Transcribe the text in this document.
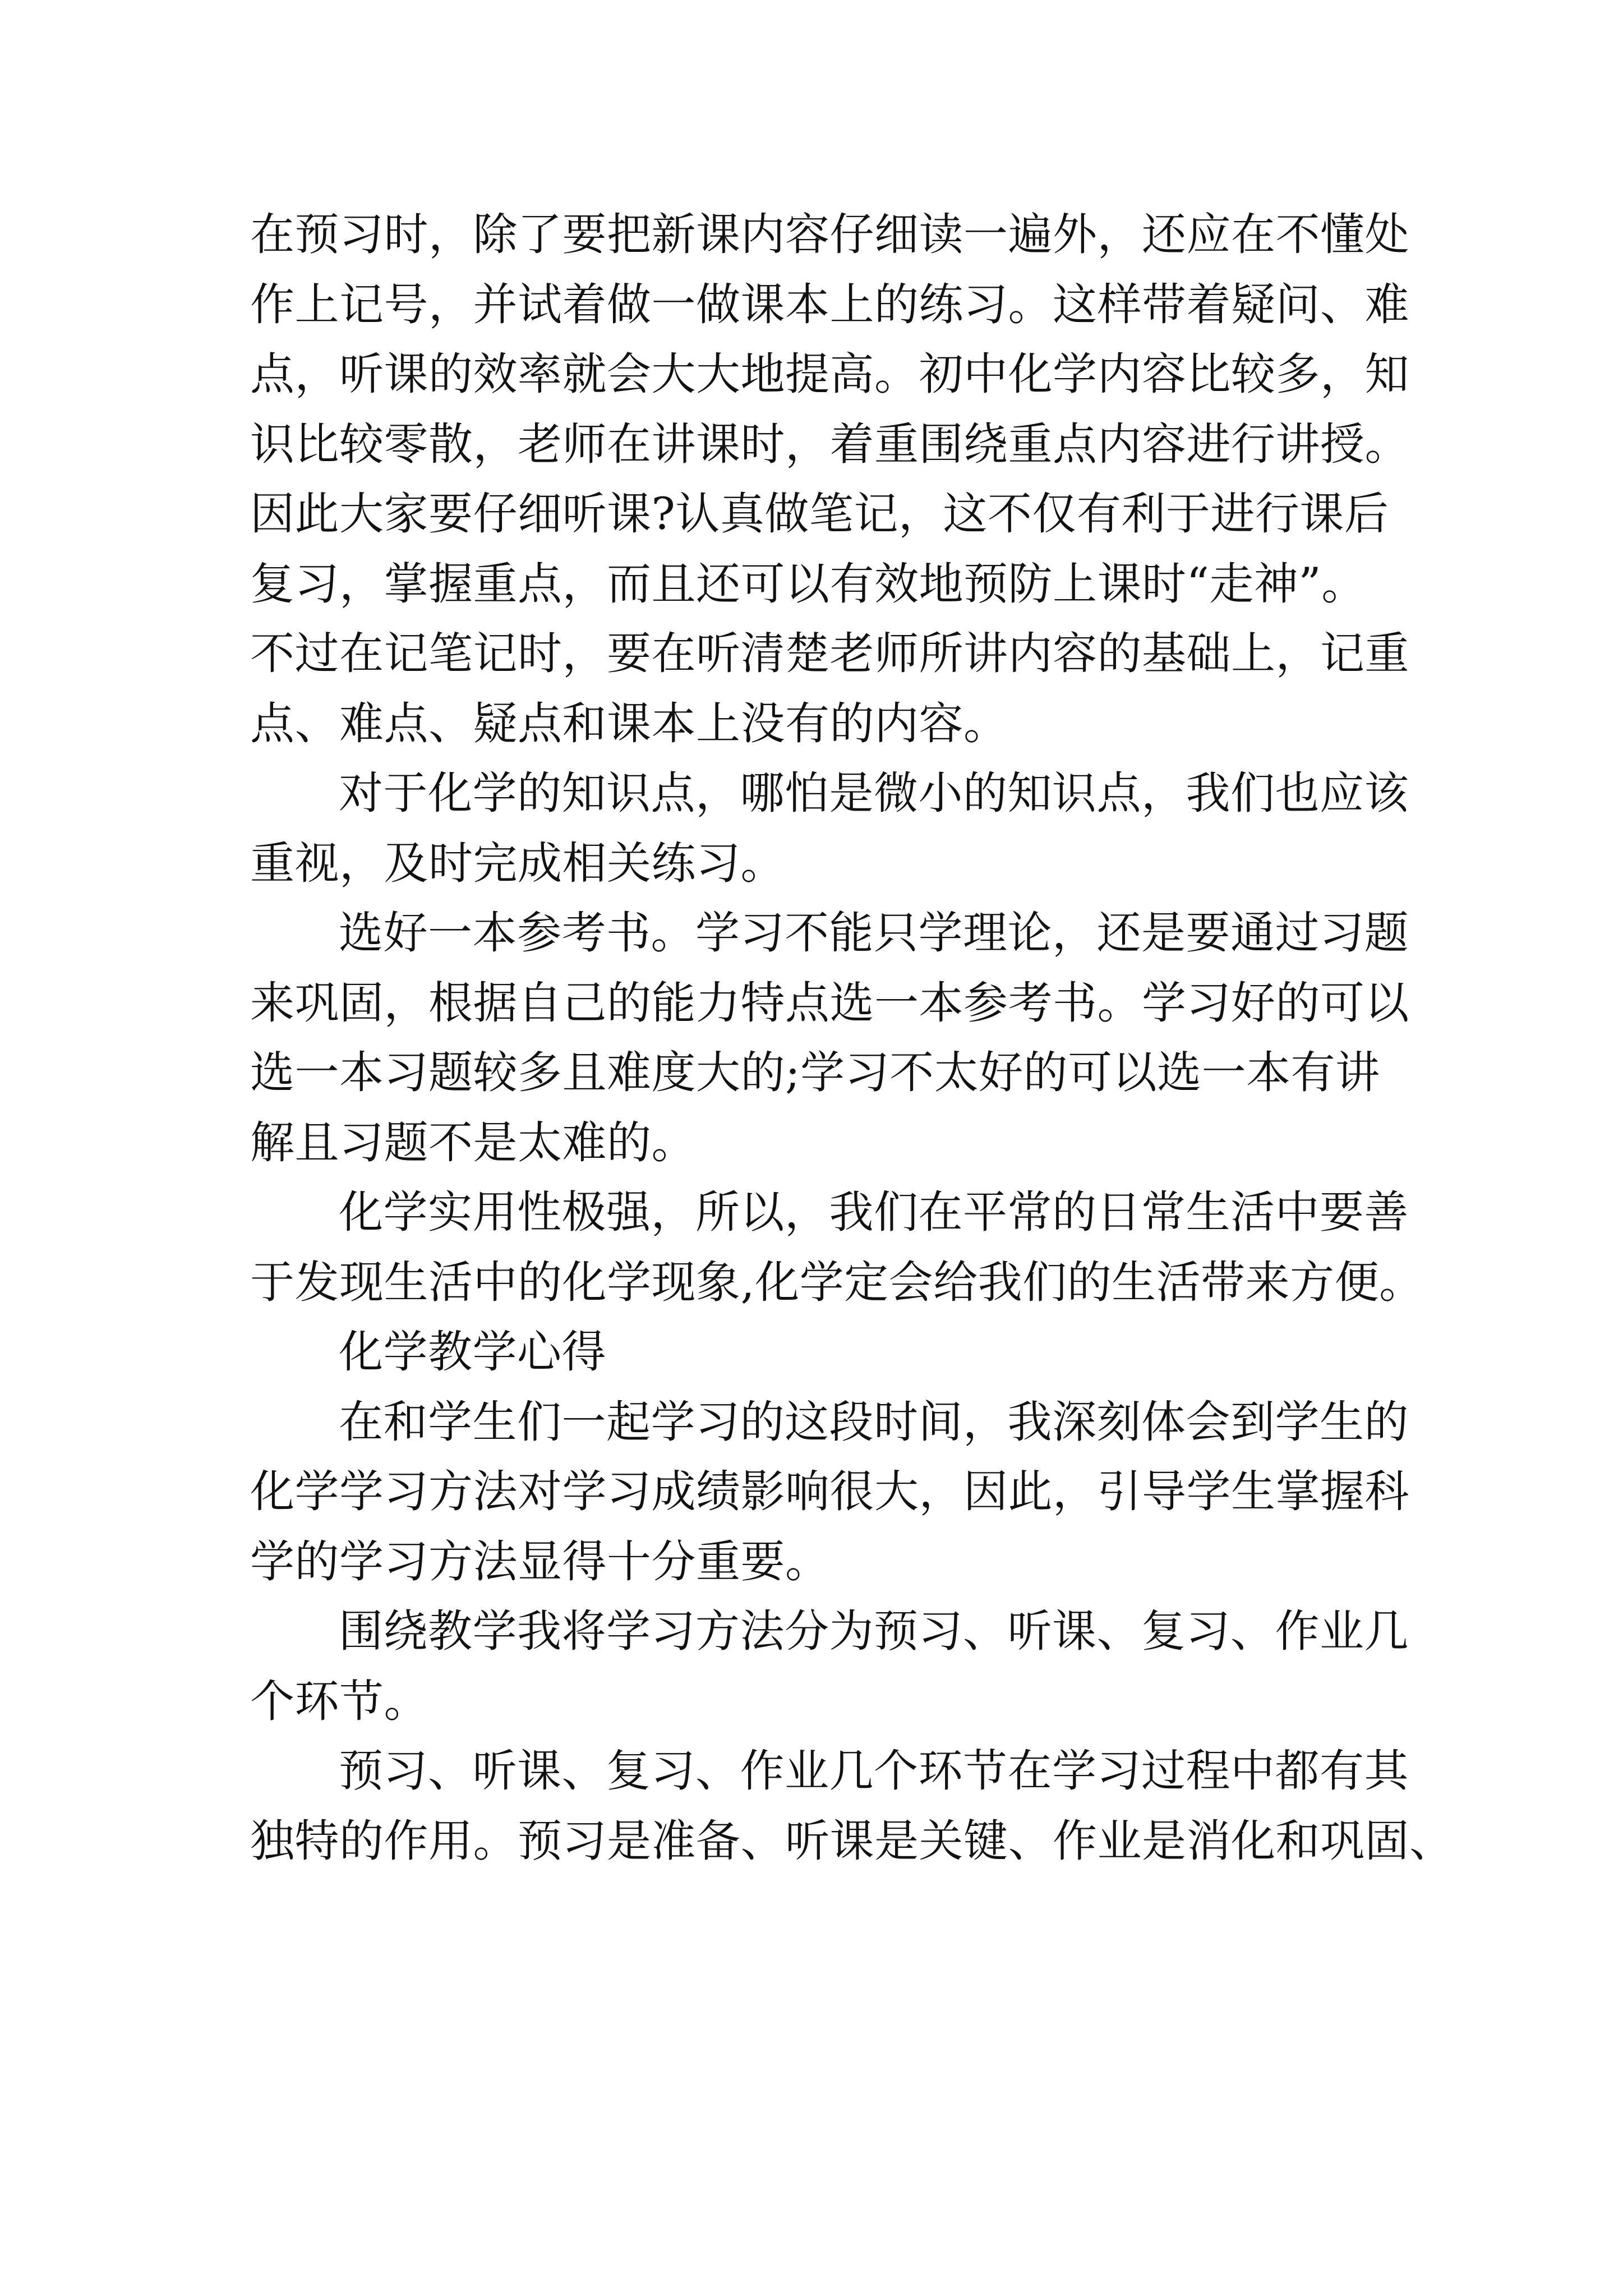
在预习时，除了要把新课内容仔细读一遍外，还应在不懂处
作上记号，并试着做一做课本上的练习。这样带着疑问、难
点，听课的效率就会大大地提高。初中化学内容比较多，知
识比较零散，老师在讲课时，着重围绕重点内容进行讲授。
因此大家要仔细听课?认真做笔记，这不仅有利于进行课后
复习，掌握重点，而且还可以有效地预防上课时“走神”。
不过在记笔记时，要在听清楚老师所讲内容的基础上，记重
点、难点、疑点和课本上没有的内容。
对于化学的知识点，哪怕是微小的知识点，我们也应该
重视，及时完成相关练习。
选好一本参考书。学习不能只学理论，还是要通过习题
来巩固，根据自己的能力特点选一本参考书。学习好的可以
选一本习题较多且难度大的;学习不太好的可以选一本有讲
解且习题不是太难的。
化学实用性极强，所以，我们在平常的日常生活中要善
于发现生活中的化学现象,化学定会给我们的生活带来方便。
化学教学心得
在和学生们一起学习的这段时间，我深刻体会到学生的
化学学习方法对学习成绩影响很大，因此，引导学生掌握科
学的学习方法显得十分重要。
围绕教学我将学习方法分为预习、听课、复习、作业几
个环节。
预习、听课、复习、作业几个环节在学习过程中都有其
独特的作用。预习是准备、听课是关键、作业是消化和巩固、
